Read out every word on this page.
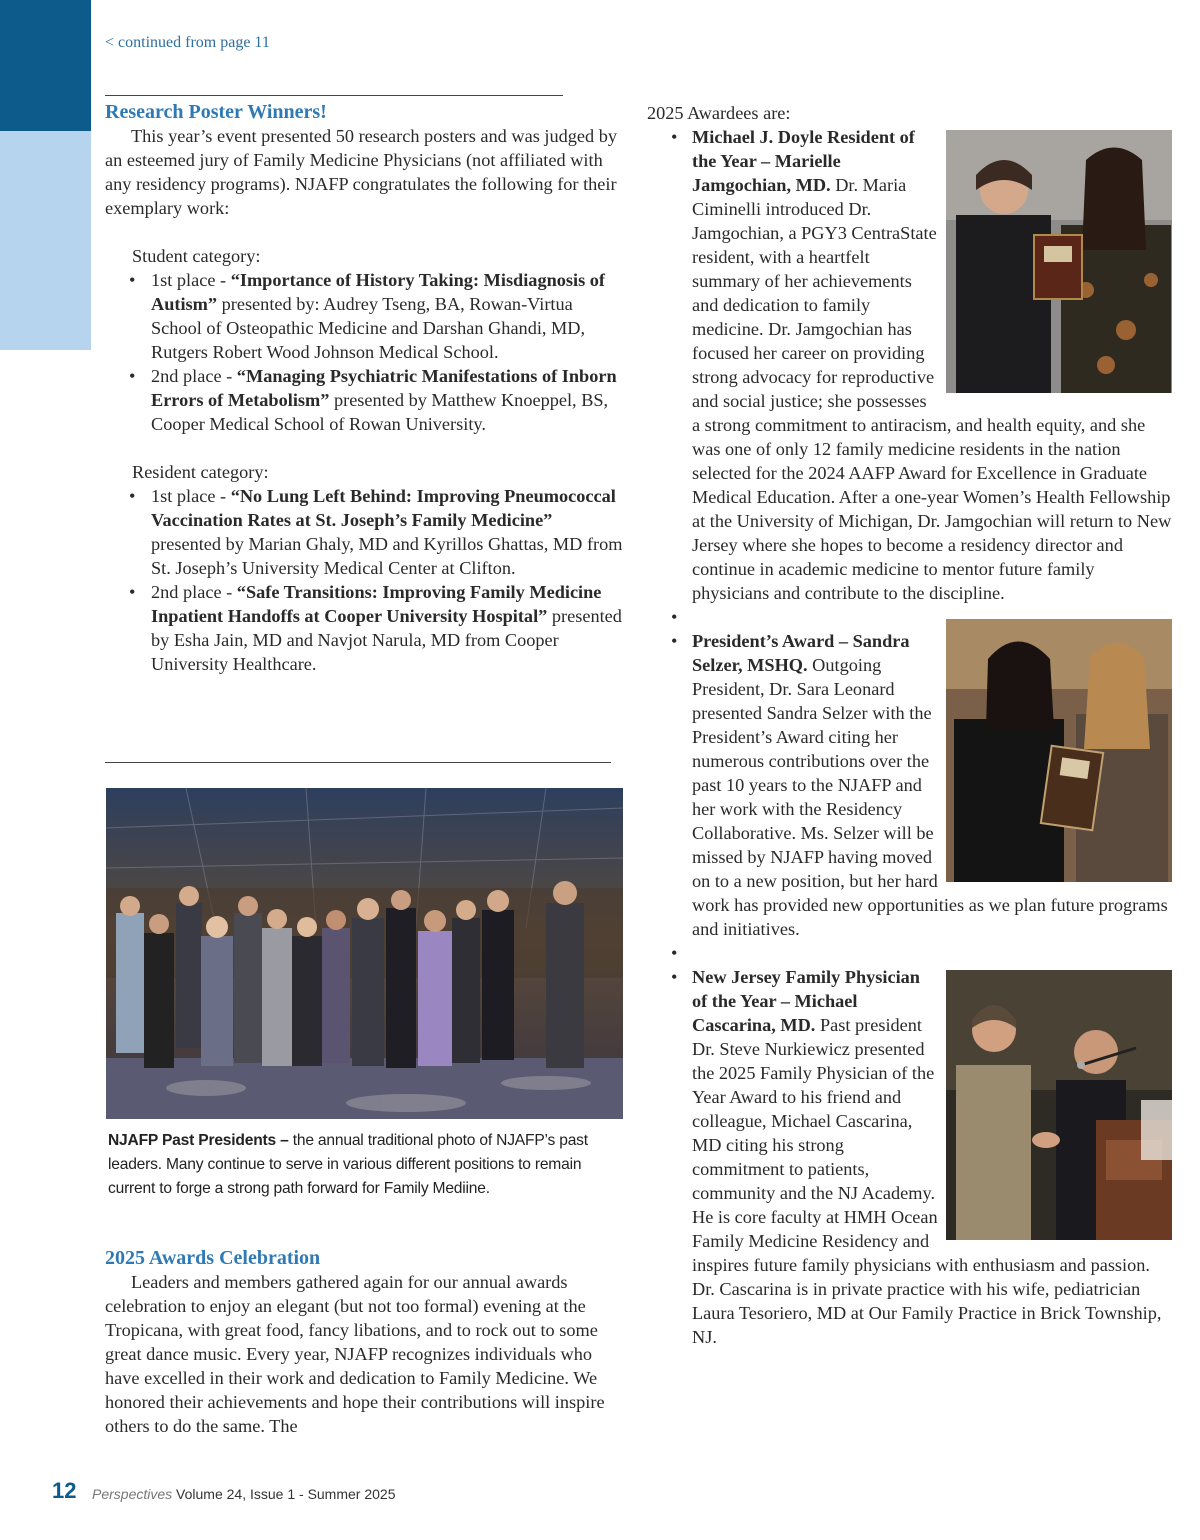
< continued from page 11

Research Poster Winners!

This year’s event presented 50 research posters and was judged by an esteemed jury of Family Medicine Physicians (not affiliated with any residency programs). NJAFP congratulates the following for their exemplary work:

Student category:

• 1st place - “Importance of History Taking: Misdiagnosis of Autism” presented by: Audrey Tseng, BA, Rowan-Virtua School of Osteopathic Medicine and Darshan Ghandi, MD, Rutgers Robert Wood Johnson Medical School.
• 2nd place - “Managing Psychiatric Manifestations of Inborn Errors of Metabolism” presented by Matthew Knoeppel, BS, Cooper Medical School of Rowan University.

Resident category:

• 1st place - “No Lung Left Behind: Improving Pneumococcal Vaccination Rates at St. Joseph’s Family Medicine” presented by Marian Ghaly, MD and Kyrillos Ghattas, MD from St. Joseph’s University Medical Center at Clifton.
• 2nd place - “Safe Transitions: Improving Family Medicine Inpatient Handoffs at Cooper University Hospital” presented by Esha Jain, MD and Navjot Narula, MD from Cooper University Healthcare.
NJAFP Past Presidents – the annual traditional photo of NJAFP’s past leaders. Many continue to serve in various different positions to remain current to forge a strong path forward for Family Mediine.

2025 Awards Celebration

Leaders and members gathered again for our annual awards celebration to enjoy an elegant (but not too formal) evening at the Tropicana, with great food, fancy libations, and to rock out to some great dance music. Every year, NJAFP recognizes individuals who have excelled in their work and dedication to Family Medicine. We honored their achievements and hope their contributions will inspire others to do the same. The

2025 Awardees are:

• Michael J. Doyle Resident of the Year – Marielle Jamgochian, MD. Dr. Maria Ciminelli introduced Dr. Jamgochian, a PGY3 CentraState resident, with a heartfelt summary of her achievements and dedication to family medicine. Dr. Jamgochian has focused her career on providing strong advocacy for reproductive and social justice; she possesses a strong commitment to antiracism, and health equity, and she was one of only 12 family medicine residents in the nation selected for the 2024 AAFP Award for Excellence in Graduate Medical Education. After a one-year Women’s Health Fellowship at the University of Michigan, Dr. Jamgochian will return to New Jersey where she hopes to become a residency director and continue in academic medicine to mentor future family physicians and contribute to the discipline.
•
• President’s Award – Sandra Selzer, MSHQ. Outgoing President, Dr. Sara Leonard presented Sandra Selzer with the President’s Award citing her numerous contributions over the past 10 years to the NJAFP and her work with the Residency Collaborative. Ms. Selzer will be missed by NJAFP having moved on to a new position, but her hard work has provided new opportunities as we plan future programs and initiatives.
•
• New Jersey Family Physician of the Year – Michael Cascarina, MD. Past president Dr. Steve Nurkiewicz presented the 2025 Family Physician of the Year Award to his friend and colleague, Michael Cascarina, MD citing his strong commitment to patients, community and the NJ Academy. He is core faculty at HMH Ocean Family Medicine Residency and inspires future family physicians with enthusiasm and passion. Dr. Cascarina is in private practice with his wife, pediatrician Laura Tesoriero, MD at Our Family Practice in Brick Township, NJ.
12 Perspectives Volume 24, Issue 1 - Summer 2025
